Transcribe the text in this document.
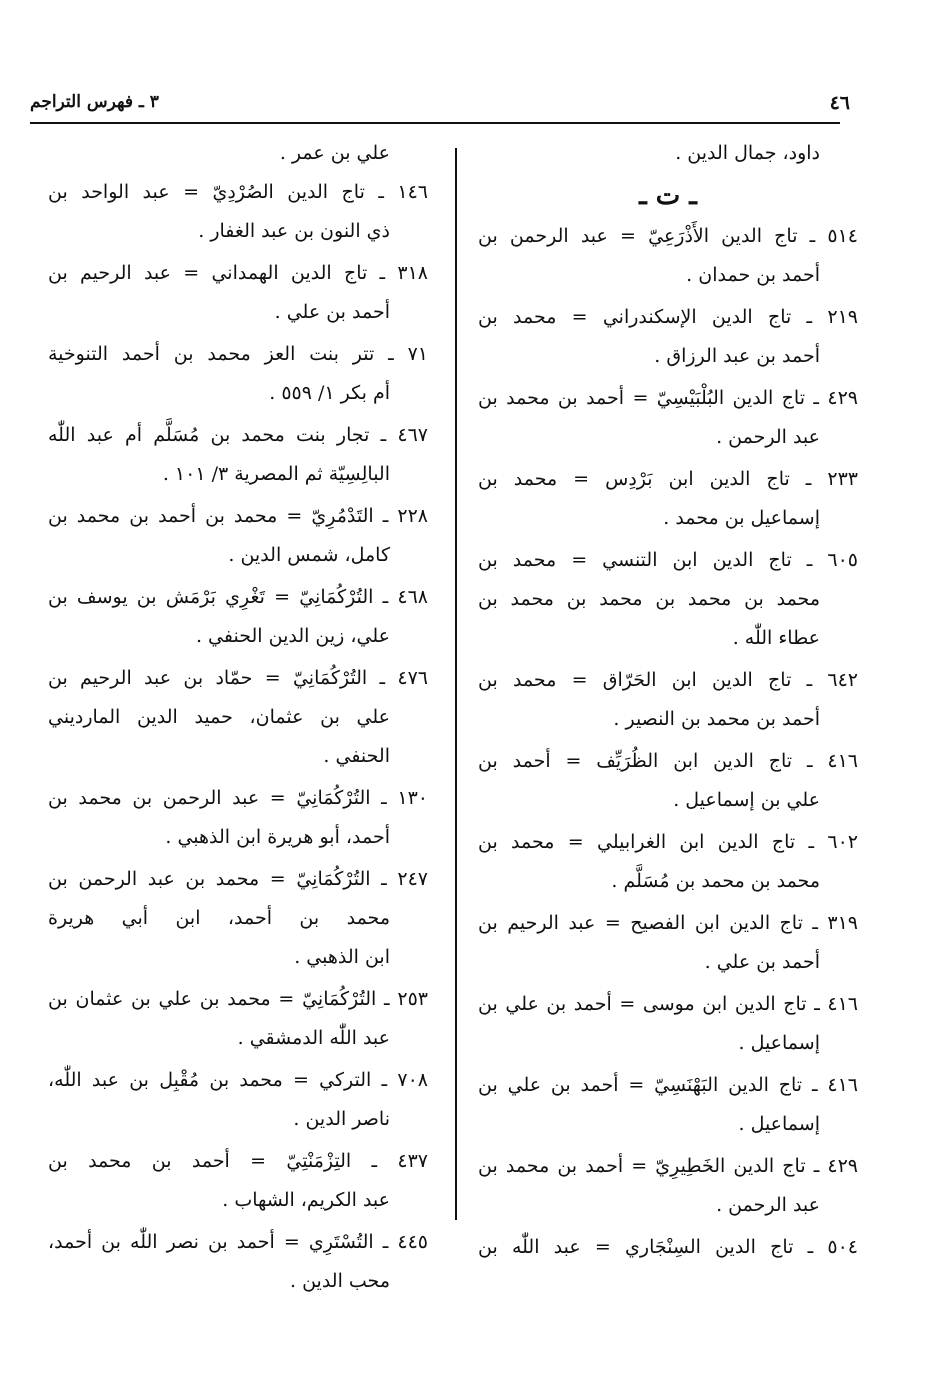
٤٦
٣ ـ فهرس التراجم
داود، جمال الدين .
ـ ت ـ
٥١٤ ـ تاج الدين الأَذْرَعِيّ = عبد الرحمن بن
أحمد بن حمدان .
٢١٩ ـ تاج الدين الإسكندراني = محمد بن
أحمد بن عبد الرزاق .
٤٢٩ ـ تاج الدين البُلْبَيْسِيّ = أحمد بن محمد بن
عبد الرحمن .
٢٣٣ ـ تاج الدين ابن بَرْدِس = محمد بن
إسماعيل بن محمد .
٦٠٥ ـ تاج الدين ابن التنسي = محمد بن
محمد بن محمد بن محمد بن محمد بن
عطاء اللّٰه .
٦٤٢ ـ تاج الدين ابن الحَرّاق = محمد بن
أحمد بن محمد بن النصير .
٤١٦ ـ تاج الدين ابن الظُرَيِّف = أحمد بن
علي بن إسماعيل .
٦٠٢ ـ تاج الدين ابن الغرابيلي = محمد بن
محمد بن محمد بن مُسَلَّم .
٣١٩ ـ تاج الدين ابن الفصيح = عبد الرحيم بن
أحمد بن علي .
٤١٦ ـ تاج الدين ابن موسى = أحمد بن علي بن
إسماعيل .
٤١٦ ـ تاج الدين البَهْنَسِيّ = أحمد بن علي بن
إسماعيل .
٤٢٩ ـ تاج الدين الخَطِيرِيّ = أحمد بن محمد بن
عبد الرحمن .
٥٠٤ ـ تاج الدين السِنْجَاري = عبد اللّٰه بن
علي بن عمر .
١٤٦ ـ تاج الدين الصُرْدِيّ = عبد الواحد بن
ذي النون بن عبد الغفار .
٣١٨ ـ تاج الدين الهمداني = عبد الرحيم بن
أحمد بن علي .
٧١ ـ تتر بنت العز محمد بن أحمد التنوخية
أم بكر ١/ ٥٥٩ .
٤٦٧ ـ تجار بنت محمد بن مُسَلَّم أم عبد اللّٰه
البالِسِيّة ثم المصرية ٣/ ١٠١ .
٢٢٨ ـ التَدْمُرِيّ = محمد بن أحمد بن محمد بن
كامل، شمس الدين .
٤٦٨ ـ التُرْكُمَانِيّ = تَغْرِي بَرْمَش بن يوسف بن
علي، زين الدين الحنفي .
٤٧٦ ـ التُرْكُمَانِيّ = حمّاد بن عبد الرحيم بن
علي بن عثمان، حميد الدين المارديني
الحنفي .
١٣٠ ـ التُرْكُمَانِيّ = عبد الرحمن بن محمد بن
أحمد، أبو هريرة ابن الذهبي .
٢٤٧ ـ التُرْكُمَانِيّ = محمد بن عبد الرحمن بن
محمد بن أحمد، ابن أبي هريرة
ابن الذهبي .
٢٥٣ ـ التُرْكُمَانِيّ = محمد بن علي بن عثمان بن
عبد اللّٰه الدمشقي .
٧٠٨ ـ التركي = محمد بن مُقْبِل بن عبد اللّٰه،
ناصر الدين .
٤٣٧ ـ التِزْمَنْتِيّ = أحمد بن محمد بن
عبد الكريم، الشهاب .
٤٤٥ ـ التُسْتَرِي = أحمد بن نصر اللّٰه بن أحمد،
محب الدين .
